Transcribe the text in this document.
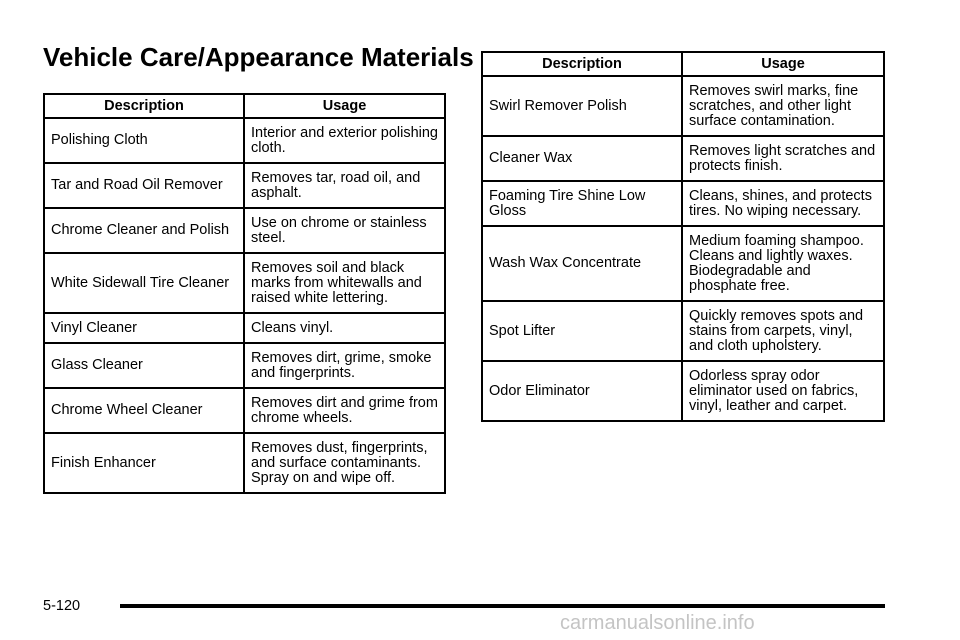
Vehicle Care/Appearance Materials
Description	Usage
Polishing Cloth	Interior and exterior polishing cloth.
Tar and Road Oil Remover	Removes tar, road oil, and asphalt.
Chrome Cleaner and Polish	Use on chrome or stainless steel.
White Sidewall Tire Cleaner	Removes soil and black marks from whitewalls and raised white lettering.
Vinyl Cleaner	Cleans vinyl.
Glass Cleaner	Removes dirt, grime, smoke and fingerprints.
Chrome Wheel Cleaner	Removes dirt and grime from chrome wheels.
Finish Enhancer	Removes dust, fingerprints, and surface contaminants. Spray on and wipe off.
Description	Usage
Swirl Remover Polish	Removes swirl marks, fine scratches, and other light surface contamination.
Cleaner Wax	Removes light scratches and protects finish.
Foaming Tire Shine Low Gloss	Cleans, shines, and protects tires. No wiping necessary.
Wash Wax Concentrate	Medium foaming shampoo. Cleans and lightly waxes. Biodegradable and phosphate free.
Spot Lifter	Quickly removes spots and stains from carpets, vinyl, and cloth upholstery.
Odor Eliminator	Odorless spray odor eliminator used on fabrics, vinyl, leather and carpet.
5-120
carmanualsonline.info
